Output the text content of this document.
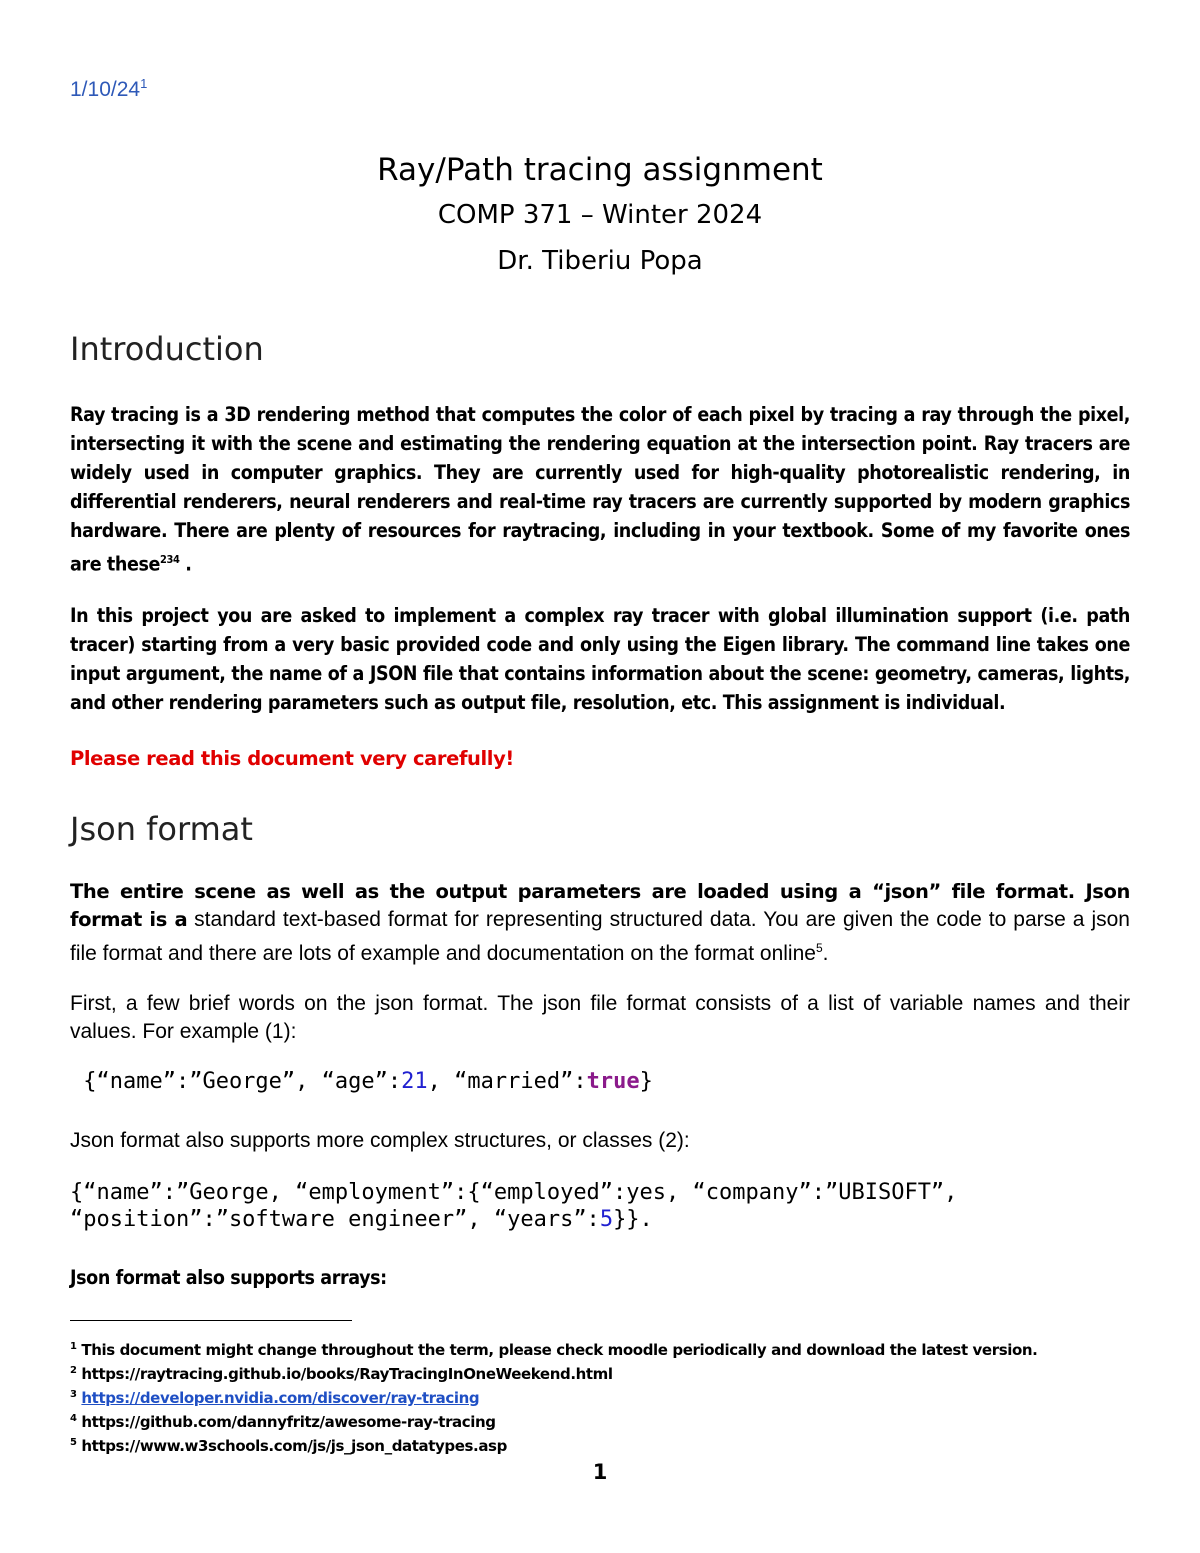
$1/10/24^1$
Ray/Path tracing assignment
COMP 371 – Winter 2024
Dr. Tiberiu Popa
Introduction
Ray tracing is a 3D rendering method that computes the color of each pixel by tracing a ray through the pixel, intersecting it with the scene and estimating the rendering equation at the intersection point. Ray tracers are widely used in computer graphics. They are currently used for high-quality photorealistic rendering, in differential renderers, neural renderers and real-time ray tracers are currently supported by modern graphics hardware. There are plenty of resources for raytracing, including in your textbook. Some of my favorite ones are these$^{234}$ .
In this project you are asked to implement a complex ray tracer with global illumination support (i.e. path tracer) starting from a very basic provided code and only using the Eigen library. The command line takes one input argument, the name of a JSON file that contains information about the scene: geometry, cameras, lights, and other rendering parameters such as output file, resolution, etc. This assignment is individual.
Please read this document very carefully!
Json format
The entire scene as well as the output parameters are loaded using a “json” file format. Json format is a standard text-based format for representing structured data. You are given the code to parse a json file format and there are lots of example and documentation on the format online$^5$.
First, a few brief words on the json format. The json file format consists of a list of variable names and their values. For example (1):
{“name”:”George”, “age”:21, “married”:true}
Json format also supports more complex structures, or classes (2):
{“name”:”George, “employment”:{“employed”:yes, “company”:”UBISOFT”,
“position”:”software engineer”, “years”:5}}.
Json format also supports arrays:
$^1$ This document might change throughout the term, please check moodle periodically and download the latest version.
$^2$ https://raytracing.github.io/books/RayTracingInOneWeekend.html
$^3$ https://developer.nvidia.com/discover/ray-tracing
$^4$ https://github.com/dannyfritz/awesome-ray-tracing
$^5$ https://www.w3schools.com/js/js_json_datatypes.asp
1
